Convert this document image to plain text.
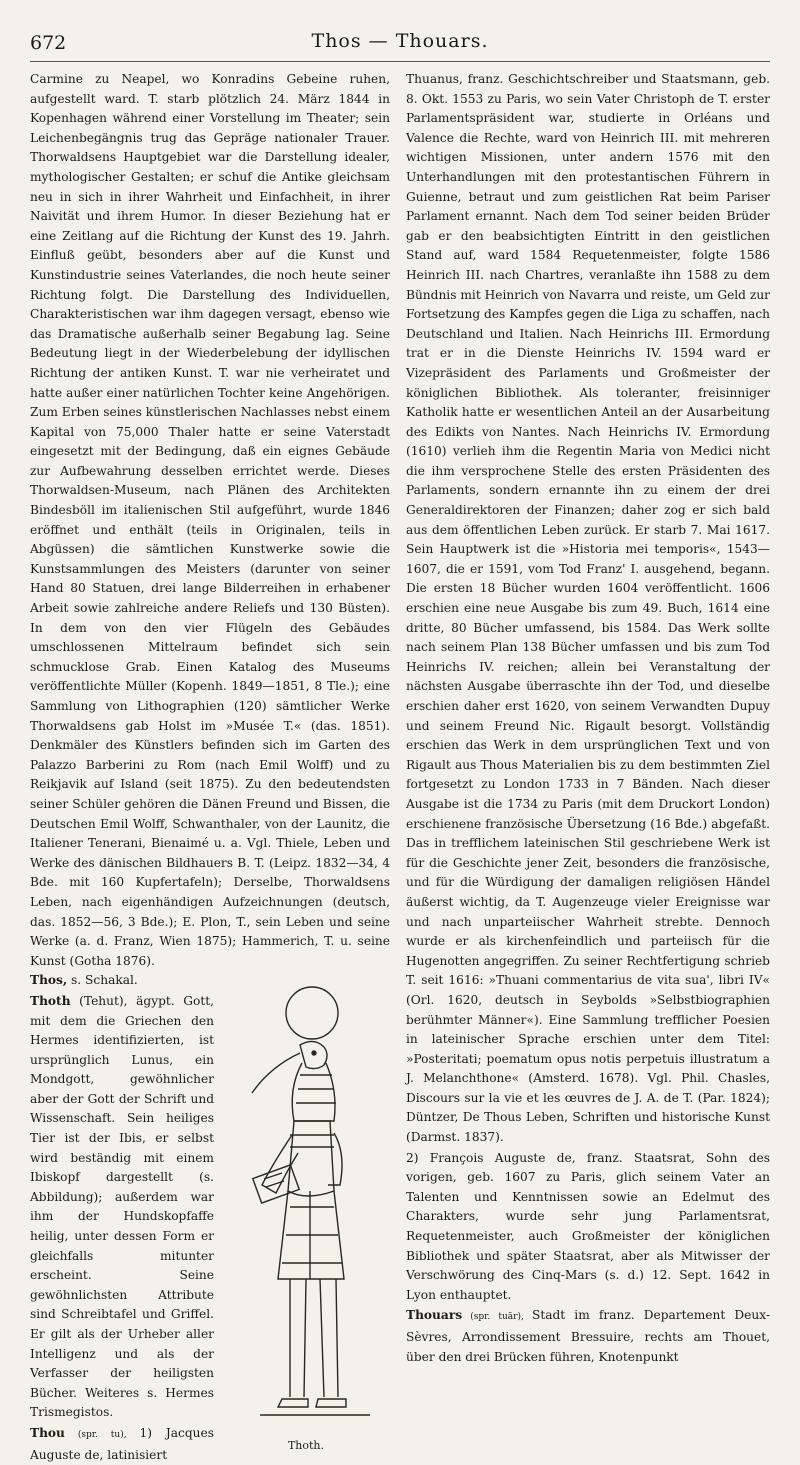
672	Thos — Thouars.

Carmine zu Neapel, wo Konradins Gebeine ruhen, aufgestellt ward. T. starb plötzlich 24. März 1844 in Kopenhagen während einer Vorstellung im Theater; sein Leichenbegängnis trug das Gepräge nationaler Trauer. Thorwaldsens Hauptgebiet war die Darstellung idealer, mythologischer Gestalten; er schuf die Antike gleichsam neu in sich in ihrer Wahrheit und Einfachheit, in ihrer Naivität und ihrem Humor. In dieser Beziehung hat er eine Zeitlang auf die Richtung der Kunst des 19. Jahrh. Einfluß geübt, besonders aber auf die Kunst und Kunstindustrie seines Vaterlandes, die noch heute seiner Richtung folgt. Die Darstellung des Individuellen, Charakteristischen war ihm dagegen versagt, ebenso wie das Dramatische außerhalb seiner Begabung lag. Seine Bedeutung liegt in der Wiederbelebung der idyllischen Richtung der antiken Kunst. T. war nie verheiratet und hatte außer einer natürlichen Tochter keine Angehörigen. Zum Erben seines künstlerischen Nachlasses nebst einem Kapital von 75,000 Thaler hatte er seine Vaterstadt eingesetzt mit der Bedingung, daß ein eignes Gebäude zur Aufbewahrung desselben errichtet werde. Dieses Thorwaldsen-Museum, nach Plänen des Architekten Bindesböll im italienischen Stil aufgeführt, wurde 1846 eröffnet und enthält (teils in Originalen, teils in Abgüssen) die sämtlichen Kunstwerke sowie die Kunstsammlungen des Meisters (darunter von seiner Hand 80 Statuen, drei lange Bilderreihen in erhabener Arbeit sowie zahlreiche andere Reliefs und 130 Büsten). In dem von den vier Flügeln des Gebäudes umschlossenen Mittelraum befindet sich sein schmucklose Grab. Einen Katalog des Museums veröffentlichte Müller (Kopenh. 1849—1851, 8 Tle.); eine Sammlung von Lithographien (120) sämtlicher Werke Thorwaldsens gab Holst im »Musée T.« (das. 1851). Denkmäler des Künstlers befinden sich im Garten des Palazzo Barberini zu Rom (nach Emil Wolff) und zu Reikjavik auf Island (seit 1875). Zu den bedeutendsten seiner Schüler gehören die Dänen Freund und Bissen, die Deutschen Emil Wolff, Schwanthaler, von der Launitz, die Italiener Tenerani, Bienaimé u. a. Vgl. Thiele, Leben und Werke des dänischen Bildhauers B. T. (Leipz. 1832—34, 4 Bde. mit 160 Kupfertafeln); Derselbe, Thorwaldsens Leben, nach eigenhändigen Aufzeichnungen (deutsch, das. 1852—56, 3 Bde.); E. Plon, T., sein Leben und seine Werke (a. d. Franz, Wien 1875); Hammerich, T. u. seine Kunst (Gotha 1876).

Thoth.

Thos, s. Schakal.

Thoth (Tehut), ägypt. Gott, mit dem die Griechen den Hermes identifizierten, ist ursprünglich Lunus, ein Mondgott, gewöhnlicher aber der Gott der Schrift und Wissenschaft. Sein heiliges Tier ist der Ibis, er selbst wird beständig mit einem Ibiskopf dargestellt (s. Abbildung); außerdem war ihm der Hundskopfaffe heilig, unter dessen Form er gleichfalls mitunter erscheint. Seine gewöhnlichsten Attribute sind Schreibtafel und Griffel. Er gilt als der Urheber aller Intelligenz und als der Verfasser der heiligsten Bücher. Weiteres s. Hermes Trismegistos.

Thou (spr. tu), 1) Jacques Auguste de, latinisiert

Thuanus, franz. Geschichtschreiber und Staatsmann, geb. 8. Okt. 1553 zu Paris, wo sein Vater Christoph de T. erster Parlamentspräsident war, studierte in Orléans und Valence die Rechte, ward von Heinrich III. mit mehreren wichtigen Missionen, unter andern 1576 mit den Unterhandlungen mit den protestantischen Führern in Guienne, betraut und zum geistlichen Rat beim Pariser Parlament ernannt. Nach dem Tod seiner beiden Brüder gab er den beabsichtigten Eintritt in den geistlichen Stand auf, ward 1584 Requetenmeister, folgte 1586 Heinrich III. nach Chartres, veranlaßte ihn 1588 zu dem Bündnis mit Heinrich von Navarra und reiste, um Geld zur Fortsetzung des Kampfes gegen die Liga zu schaffen, nach Deutschland und Italien. Nach Heinrichs III. Ermordung trat er in die Dienste Heinrichs IV. 1594 ward er Vizepräsident des Parlaments und Großmeister der königlichen Bibliothek. Als toleranter, freisinniger Katholik hatte er wesentlichen Anteil an der Ausarbeitung des Edikts von Nantes. Nach Heinrichs IV. Ermordung (1610) verlieh ihm die Regentin Maria von Medici nicht die ihm versprochene Stelle des ersten Präsidenten des Parlaments, sondern ernannte ihn zu einem der drei Generaldirektoren der Finanzen; daher zog er sich bald aus dem öffentlichen Leben zurück. Er starb 7. Mai 1617. Sein Hauptwerk ist die »Historia mei temporis«, 1543—1607, die er 1591, vom Tod Franz' I. ausgehend, begann. Die ersten 18 Bücher wurden 1604 veröffentlicht. 1606 erschien eine neue Ausgabe bis zum 49. Buch, 1614 eine dritte, 80 Bücher umfassend, bis 1584. Das Werk sollte nach seinem Plan 138 Bücher umfassen und bis zum Tod Heinrichs IV. reichen; allein bei Veranstaltung der nächsten Ausgabe überraschte ihn der Tod, und dieselbe erschien daher erst 1620, von seinem Verwandten Dupuy und seinem Freund Nic. Rigault besorgt. Vollständig erschien das Werk in dem ursprünglichen Text und von Rigault aus Thous Materialien bis zu dem bestimmten Ziel fortgesetzt zu London 1733 in 7 Bänden. Nach dieser Ausgabe ist die 1734 zu Paris (mit dem Druckort London) erschienene französische Übersetzung (16 Bde.) abgefaßt. Das in trefflichem lateinischen Stil geschriebene Werk ist für die Geschichte jener Zeit, besonders die französische, und für die Würdigung der damaligen religiösen Händel äußerst wichtig, da T. Augenzeuge vieler Ereignisse war und nach unparteiischer Wahrheit strebte. Dennoch wurde er als kirchenfeindlich und parteiisch für die Hugenotten angegriffen. Zu seiner Rechtfertigung schrieb T. seit 1616: »Thuani commentarius de vita sua', libri IV« (Orl. 1620, deutsch in Seybolds »Selbstbiographien berühmter Männer«). Eine Sammlung trefflicher Poesien in lateinischer Sprache erschien unter dem Titel: »Posteritati; poematum opus notis perpetuis illustratum a J. Melanchthone« (Amsterd. 1678). Vgl. Phil. Chasles, Discours sur la vie et les œuvres de J. A. de T. (Par. 1824); Düntzer, De Thous Leben, Schriften und historische Kunst (Darmst. 1837).

2) François Auguste de, franz. Staatsrat, Sohn des vorigen, geb. 1607 zu Paris, glich seinem Vater an Talenten und Kenntnissen sowie an Edelmut des Charakters, wurde sehr jung Parlamentsrat, Requetenmeister, auch Großmeister der königlichen Bibliothek und später Staatsrat, aber als Mitwisser der Verschwörung des Cinq-Mars (s. d.) 12. Sept. 1642 in Lyon enthauptet.

Thouars (spr. tuār), Stadt im franz. Departement Deux-Sèvres, Arrondissement Bressuire, rechts am Thouet, über den drei Brücken führen, Knotenpunkt
